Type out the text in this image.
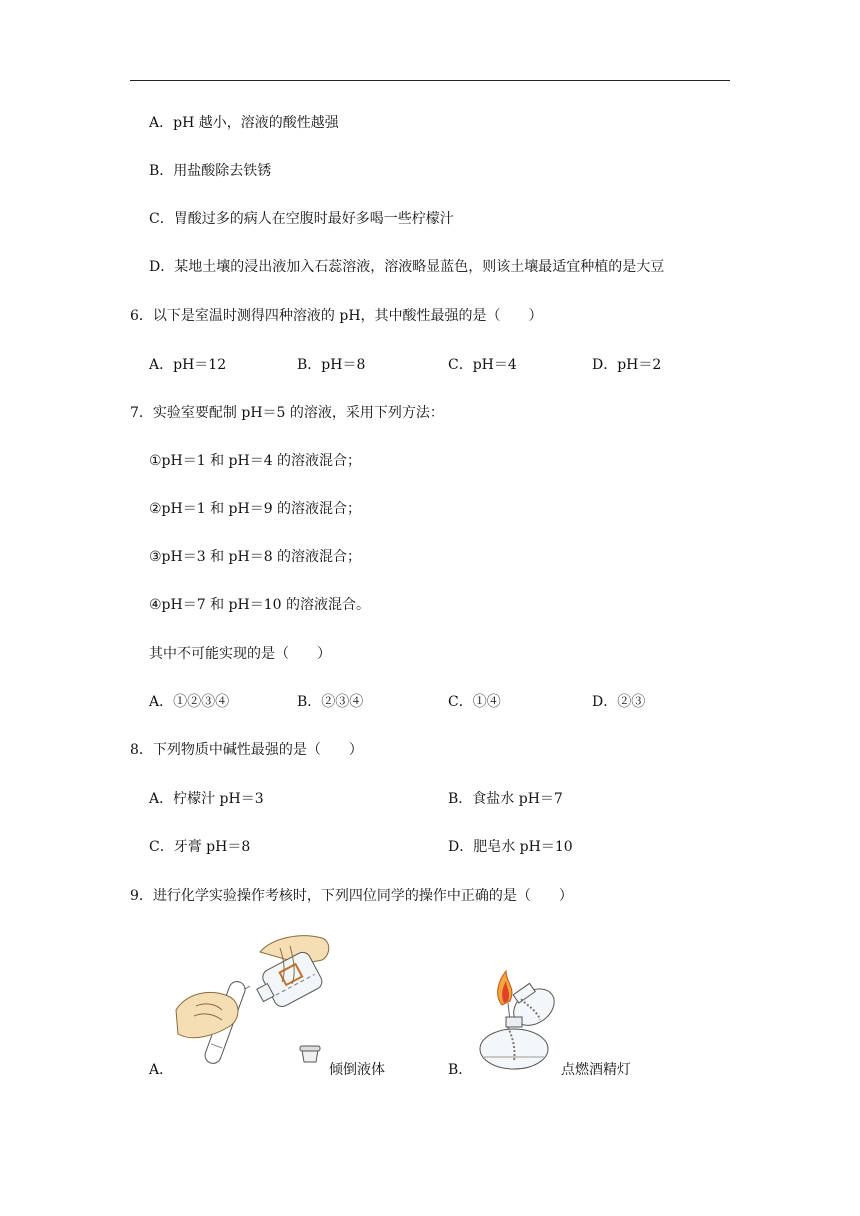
A．pH 越小，溶液的酸性越强
B．用盐酸除去铁锈
C．胃酸过多的病人在空腹时最好多喝一些柠檬汁
D．某地土壤的浸出液加入石蕊溶液，溶液略显蓝色，则该土壤最适宜种植的是大豆
6．以下是室温时测得四种溶液的 pH，其中酸性最强的是（　　）
A．pH＝12	B．pH＝8	C．pH＝4	D．pH＝2
7．实验室要配制 pH＝5 的溶液，采用下列方法：
①pH＝1 和 pH＝4 的溶液混合；
②pH＝1 和 pH＝9 的溶液混合；
③pH＝3 和 pH＝8 的溶液混合；
④pH＝7 和 pH＝10 的溶液混合。
其中不可能实现的是（　　）
A．①②③④	B．②③④	C．①④	D．②③
8．下列物质中碱性最强的是（　　）
A．柠檬汁 pH＝3	B．食盐水 pH＝7
C．牙膏 pH＝8	D．肥皂水 pH＝10
9．进行化学实验操作考核时，下列四位同学的操作中正确的是（　　）
A．	倾倒液体	B．	点燃酒精灯
